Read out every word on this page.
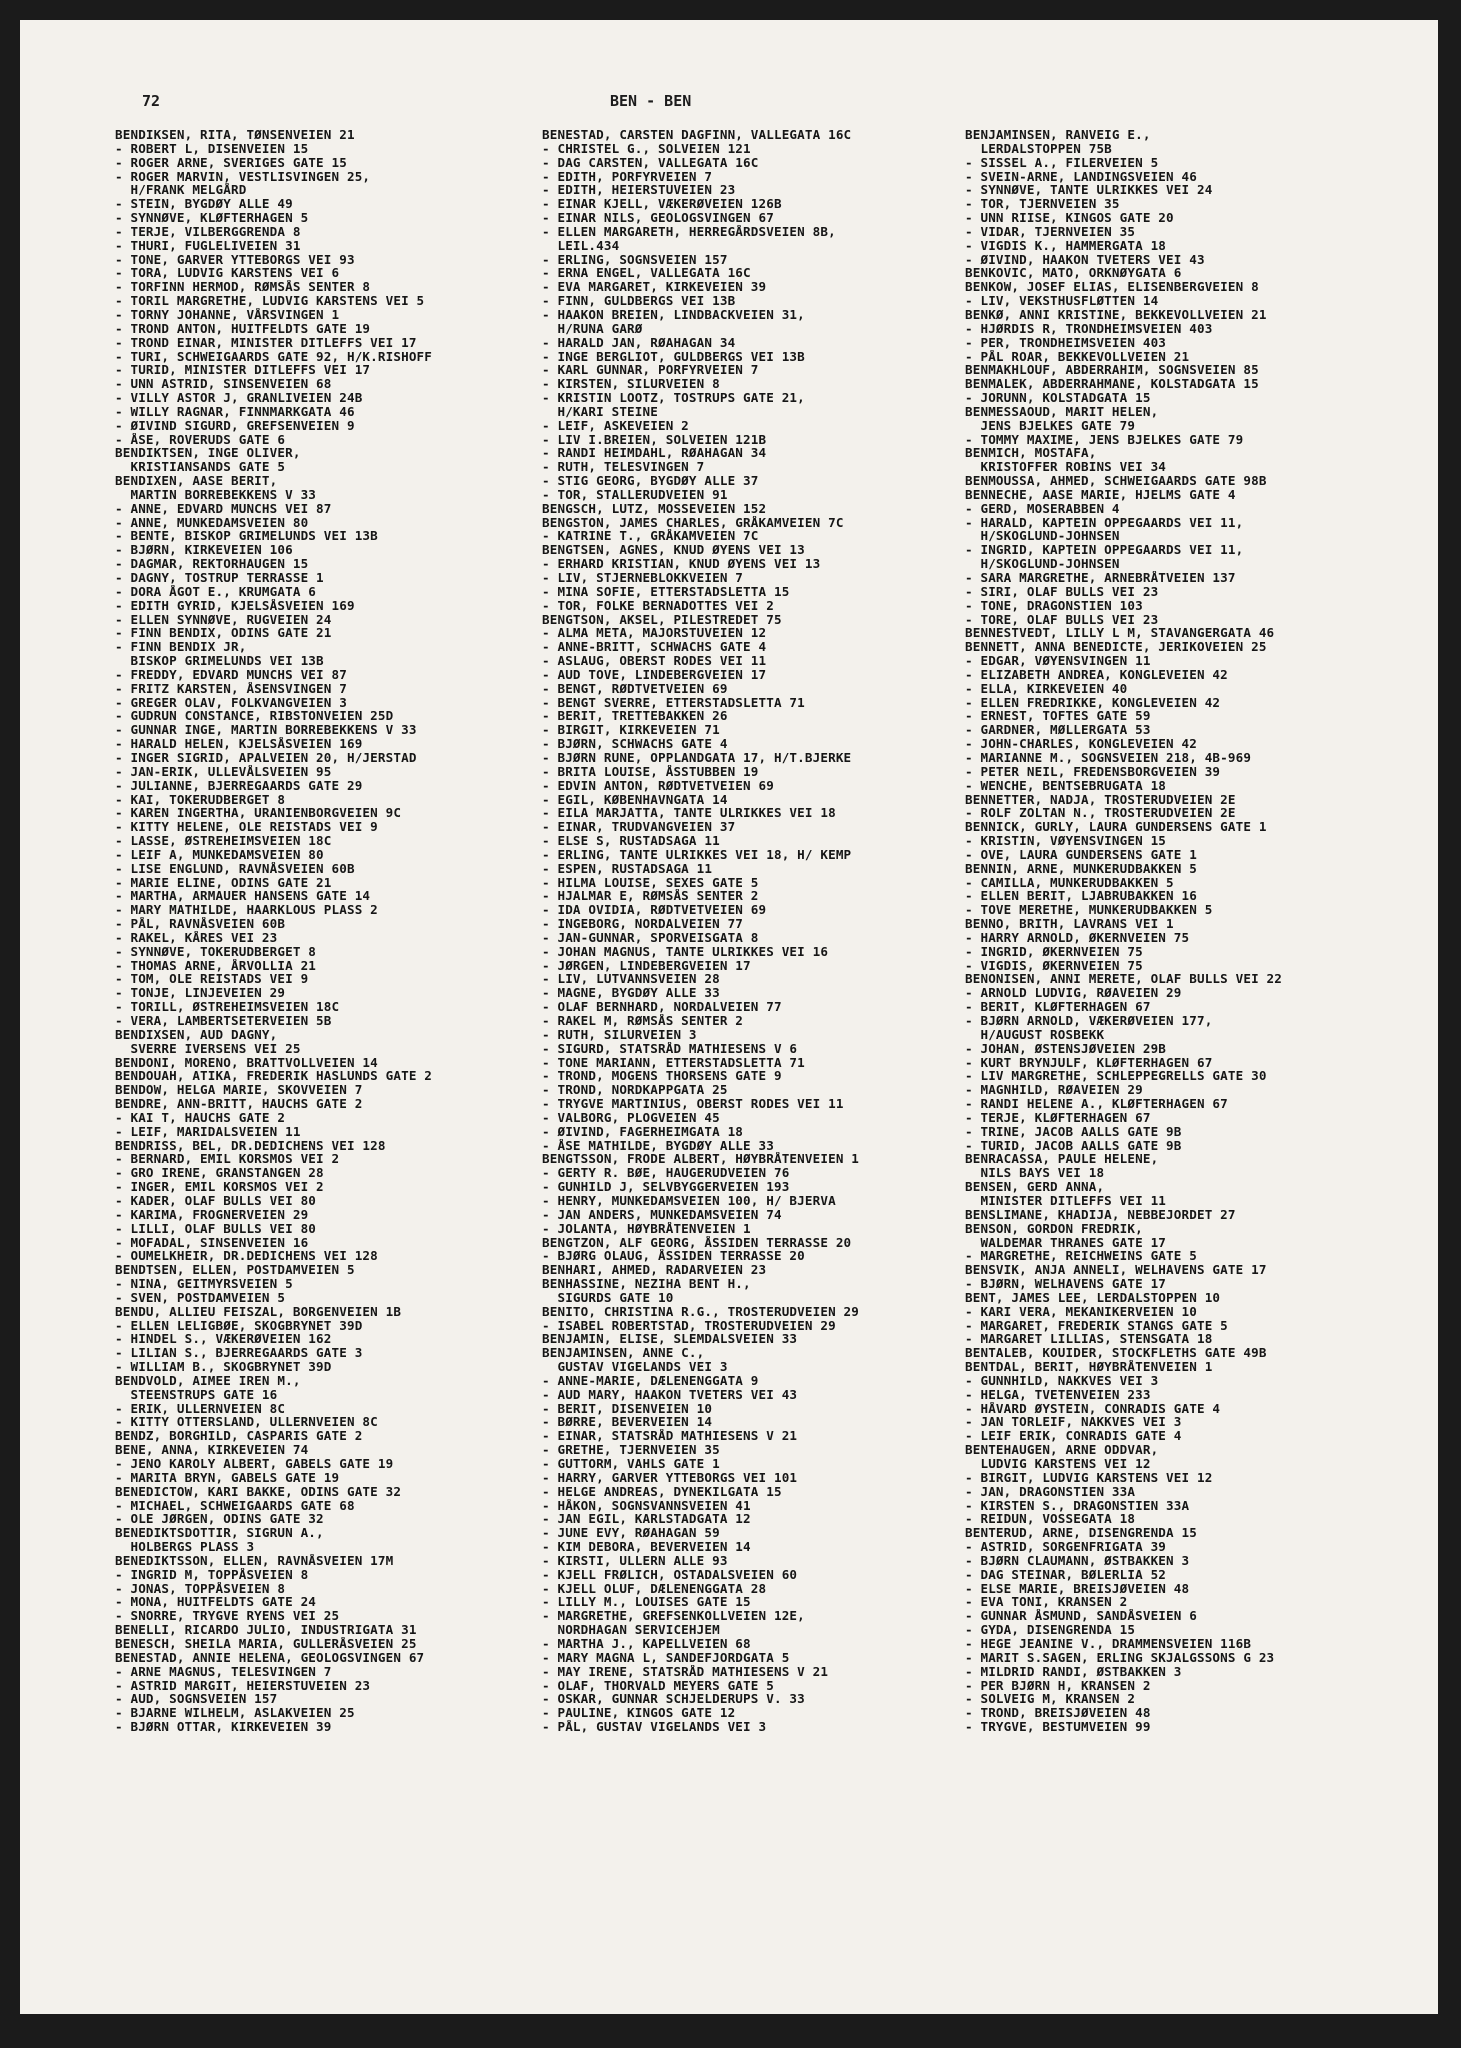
72	BEN - BEN
BENDIKSEN, RITA, TØNSENVEIEN 21
- ROBERT L, DISENVEIEN 15
- ROGER ARNE, SVERIGES GATE 15
- ROGER MARVIN, VESTLISVINGEN 25,
H/FRANK MELGÅRD
- STEIN, BYGDØY ALLE 49
- SYNNØVE, KLØFTERHAGEN 5
- TERJE, VILBERGGRENDA 8
- THURI, FUGLELIVEIEN 31
- TONE, GARVER YTTEBORGS VEI 93
- TORA, LUDVIG KARSTENS VEI 6
- TORFINN HERMOD, RØMSÅS SENTER 8
- TORIL MARGRETHE, LUDVIG KARSTENS VEI 5
- TORNY JOHANNE, VÅRSVINGEN 1
- TROND ANTON, HUITFELDTS GATE 19
- TROND EINAR, MINISTER DITLEFFS VEI 17
- TURI, SCHWEIGAARDS GATE 92, H/K.RISHOFF
- TURID, MINISTER DITLEFFS VEI 17
- UNN ASTRID, SINSENVEIEN 68
- VILLY ASTOR J, GRANLIVEIEN 24B
- WILLY RAGNAR, FINNMARKGATA 46
- ØIVIND SIGURD, GREFSENVEIEN 9
- ÅSE, ROVERUDS GATE 6
BENDIKTSEN, INGE OLIVER,
KRISTIANSANDS GATE 5
BENDIXEN, AASE BERIT,
MARTIN BORREBEKKENS V 33
- ANNE, EDVARD MUNCHS VEI 87
- ANNE, MUNKEDAMSVEIEN 80
- BENTE, BISKOP GRIMELUNDS VEI 13B
- BJØRN, KIRKEVEIEN 106
- DAGMAR, REKTORHAUGEN 15
- DAGNY, TOSTRUP TERRASSE 1
- DORA ÅGOT E., KRUMGATA 6
- EDITH GYRID, KJELSÅSVEIEN 169
- ELLEN SYNNØVE, RUGVEIEN 24
- FINN BENDIX, ODINS GATE 21
- FINN BENDIX JR,
BISKOP GRIMELUNDS VEI 13B
- FREDDY, EDVARD MUNCHS VEI 87
- FRITZ KARSTEN, ÅSENSVINGEN 7
- GREGER OLAV, FOLKVANGVEIEN 3
- GUDRUN CONSTANCE, RIBSTONVEIEN 25D
- GUNNAR INGE, MARTIN BORREBEKKENS V 33
- HARALD HELEN, KJELSÅSVEIEN 169
- INGER SIGRID, APALVEIEN 20, H/JERSTAD
- JAN-ERIK, ULLEVÅLSVEIEN 95
- JULIANNE, BJERREGAARDS GATE 29
- KAI, TOKERUDBERGET 8
- KAREN INGERTHA, URANIENBORGVEIEN 9C
- KITTY HELENE, OLE REISTADS VEI 9
- LASSE, ØSTREHEIMSVEIEN 18C
- LEIF A, MUNKEDAMSVEIEN 80
- LISE ENGLUND, RAVNÅSVEIEN 60B
- MARIE ELINE, ODINS GATE 21
- MARTHA, ARMAUER HANSENS GATE 14
- MARY MATHILDE, HAARKLOUS PLASS 2
- PÅL, RAVNÅSVEIEN 60B
- RAKEL, KÅRES VEI 23
- SYNNØVE, TOKERUDBERGET 8
- THOMAS ARNE, ÅRVOLLIA 21
- TOM, OLE REISTADS VEI 9
- TONJE, LINJEVEIEN 29
- TORILL, ØSTREHEIMSVEIEN 18C
- VERA, LAMBERTSETERVEIEN 5B
BENDIXSEN, AUD DAGNY,
SVERRE IVERSENS VEI 25
BENDONI, MORENO, BRATTVOLLVEIEN 14
BENDOUAH, ATIKA, FREDERIK HASLUNDS GATE 2
BENDOW, HELGA MARIE, SKOVVEIEN 7
BENDRE, ANN-BRITT, HAUCHS GATE 2
- KAI T, HAUCHS GATE 2
- LEIF, MARIDALSVEIEN 11
BENDRISS, BEL, DR.DEDICHENS VEI 128
- BERNARD, EMIL KORSMOS VEI 2
- GRO IRENE, GRANSTANGEN 28
- INGER, EMIL KORSMOS VEI 2
- KADER, OLAF BULLS VEI 80
- KARIMA, FROGNERVEIEN 29
- LILLI, OLAF BULLS VEI 80
- MOFADAL, SINSENVEIEN 16
- OUMELKHEIR, DR.DEDICHENS VEI 128
BENDTSEN, ELLEN, POSTDAMVEIEN 5
- NINA, GEITMYRSVEIEN 5
- SVEN, POSTDAMVEIEN 5
BENDU, ALLIEU FEISZAL, BORGENVEIEN 1B
- ELLEN LELIGBØE, SKOGBRYNET 39D
- HINDEL S., VÆKERØVEIEN 162
- LILIAN S., BJERREGAARDS GATE 3
- WILLIAM B., SKOGBRYNET 39D
BENDVOLD, AIMEE IREN M.,
STEENSTRUPS GATE 16
- ERIK, ULLERNVEIEN 8C
- KITTY OTTERSLAND, ULLERNVEIEN 8C
BENDZ, BORGHILD, CASPARIS GATE 2
BENE, ANNA, KIRKEVEIEN 74
- JENO KAROLY ALBERT, GABELS GATE 19
- MARITA BRYN, GABELS GATE 19
BENEDICTOW, KARI BAKKE, ODINS GATE 32
- MICHAEL, SCHWEIGAARDS GATE 68
- OLE JØRGEN, ODINS GATE 32
BENEDIKTSDOTTIR, SIGRUN A.,
HOLBERGS PLASS 3
BENEDIKTSSON, ELLEN, RAVNÅSVEIEN 17M
- INGRID M, TOPPÅSVEIEN 8
- JONAS, TOPPÅSVEIEN 8
- MONA, HUITFELDTS GATE 24
- SNORRE, TRYGVE RYENS VEI 25
BENELLI, RICARDO JULIO, INDUSTRIGATA 31
BENESCH, SHEILA MARIA, GULLERÅSVEIEN 25
BENESTAD, ANNIE HELENA, GEOLOGSVINGEN 67
- ARNE MAGNUS, TELESVINGEN 7
- ASTRID MARGIT, HEIERSTUVEIEN 23
- AUD, SOGNSVEIEN 157
- BJARNE WILHELM, ASLAKVEIEN 25
- BJØRN OTTAR, KIRKEVEIEN 39
BENESTAD, CARSTEN DAGFINN, VALLEGATA 16C
- CHRISTEL G., SOLVEIEN 121
- DAG CARSTEN, VALLEGATA 16C
- EDITH, PORFYRVEIEN 7
- EDITH, HEIERSTUVEIEN 23
- EINAR KJELL, VÆKERØVEIEN 126B
- EINAR NILS, GEOLOGSVINGEN 67
- ELLEN MARGARETH, HERREGÅRDSVEIEN 8B,
LEIL.434
- ERLING, SOGNSVEIEN 157
- ERNA ENGEL, VALLEGATA 16C
- EVA MARGARET, KIRKEVEIEN 39
- FINN, GULDBERGS VEI 13B
- HAAKON BREIEN, LINDBACKVEIEN 31,
H/RUNA GARØ
- HARALD JAN, RØAHAGAN 34
- INGE BERGLIOT, GULDBERGS VEI 13B
- KARL GUNNAR, PORFYRVEIEN 7
- KIRSTEN, SILURVEIEN 8
- KRISTIN LOOTZ, TOSTRUPS GATE 21,
H/KARI STEINE
- LEIF, ASKEVEIEN 2
- LIV I.BREIEN, SOLVEIEN 121B
- RANDI HEIMDAHL, RØAHAGAN 34
- RUTH, TELESVINGEN 7
- STIG GEORG, BYGDØY ALLE 37
- TOR, STALLERUDVEIEN 91
BENGSCH, LUTZ, MOSSEVEIEN 152
BENGSTON, JAMES CHARLES, GRÅKAMVEIEN 7C
- KATRINE T., GRÅKAMVEIEN 7C
BENGTSEN, AGNES, KNUD ØYENS VEI 13
- ERHARD KRISTIAN, KNUD ØYENS VEI 13
- LIV, STJERNEBLOKKVEIEN 7
- MINA SOFIE, ETTERSTADSLETTA 15
- TOR, FOLKE BERNADOTTES VEI 2
BENGTSON, AKSEL, PILESTREDET 75
- ALMA META, MAJORSTUVEIEN 12
- ANNE-BRITT, SCHWACHS GATE 4
- ASLAUG, OBERST RODES VEI 11
- AUD TOVE, LINDEBERGVEIEN 17
- BENGT, RØDTVETVEIEN 69
- BENGT SVERRE, ETTERSTADSLETTA 71
- BERIT, TRETTEBAKKEN 26
- BIRGIT, KIRKEVEIEN 71
- BJØRN, SCHWACHS GATE 4
- BJØRN RUNE, OPPLANDGATA 17, H/T.BJERKE
- BRITA LOUISE, ÅSSTUBBEN 19
- EDVIN ANTON, RØDTVETVEIEN 69
- EGIL, KØBENHAVNGATA 14
- EILA MARJATTA, TANTE ULRIKKES VEI 18
- EINAR, TRUDVANGVEIEN 37
- ELSE S, RUSTADSAGA 11
- ERLING, TANTE ULRIKKES VEI 18, H/ KEMP
- ESPEN, RUSTADSAGA 11
- HILMA LOUISE, SEXES GATE 5
- HJALMAR E, RØMSÅS SENTER 2
- IDA OVIDIA, RØDTVETVEIEN 69
- INGEBORG, NORDALVEIEN 77
- JAN-GUNNAR, SPORVEISGATA 8
- JOHAN MAGNUS, TANTE ULRIKKES VEI 16
- JØRGEN, LINDEBERGVEIEN 17
- LIV, LUTVANNSVEIEN 28
- MAGNE, BYGDØY ALLE 33
- OLAF BERNHARD, NORDALVEIEN 77
- RAKEL M, RØMSÅS SENTER 2
- RUTH, SILURVEIEN 3
- SIGURD, STATSRÅD MATHIESENS V 6
- TONE MARIANN, ETTERSTADSLETTA 71
- TROND, MOGENS THORSENS GATE 9
- TROND, NORDKAPPGATA 25
- TRYGVE MARTINIUS, OBERST RODES VEI 11
- VALBORG, PLOGVEIEN 45
- ØIVIND, FAGERHEIMGATA 18
- ÅSE MATHILDE, BYGDØY ALLE 33
BENGTSSON, FRODE ALBERT, HØYBRÅTENVEIEN 1
- GERTY R. BØE, HAUGERUDVEIEN 76
- GUNHILD J, SELVBYGGERVEIEN 193
- HENRY, MUNKEDAMSVEIEN 100, H/ BJERVA
- JAN ANDERS, MUNKEDAMSVEIEN 74
- JOLANTA, HØYBRÅTENVEIEN 1
BENGTZON, ALF GEORG, ÅSSIDEN TERRASSE 20
- BJØRG OLAUG, ÅSSIDEN TERRASSE 20
BENHARI, AHMED, RADARVEIEN 23
BENHASSINE, NEZIHA BENT H.,
SIGURDS GATE 10
BENITO, CHRISTINA R.G., TROSTERUDVEIEN 29
- ISABEL ROBERTSTAD, TROSTERUDVEIEN 29
BENJAMIN, ELISE, SLEMDALSVEIEN 33
BENJAMINSEN, ANNE C.,
GUSTAV VIGELANDS VEI 3
- ANNE-MARIE, DÆLENENGGATA 9
- AUD MARY, HAAKON TVETERS VEI 43
- BERIT, DISENVEIEN 10
- BØRRE, BEVERVEIEN 14
- EINAR, STATSRÅD MATHIESENS V 21
- GRETHE, TJERNVEIEN 35
- GUTTORM, VAHLS GATE 1
- HARRY, GARVER YTTEBORGS VEI 101
- HELGE ANDREAS, DYNEKILGATA 15
- HÅKON, SOGNSVANNSVEIEN 41
- JAN EGIL, KARLSTADGATA 12
- JUNE EVY, RØAHAGAN 59
- KIM DEBORA, BEVERVEIEN 14
- KIRSTI, ULLERN ALLE 93
- KJELL FRØLICH, OSTADALSVEIEN 60
- KJELL OLUF, DÆLENENGGATA 28
- LILLY M., LOUISES GATE 15
- MARGRETHE, GREFSENKOLLVEIEN 12E,
NORDHAGAN SERVICEHJEM
- MARTHA J., KAPELLVEIEN 68
- MARY MAGNA L, SANDEFJORDGATA 5
- MAY IRENE, STATSRÅD MATHIESENS V 21
- OLAF, THORVALD MEYERS GATE 5
- OSKAR, GUNNAR SCHJELDERUPS V. 33
- PAULINE, KINGOS GATE 12
- PÅL, GUSTAV VIGELANDS VEI 3
BENJAMINSEN, RANVEIG E.,
LERDALSTOPPEN 75B
- SISSEL A., FILERVEIEN 5
- SVEIN-ARNE, LANDINGSVEIEN 46
- SYNNØVE, TANTE ULRIKKES VEI 24
- TOR, TJERNVEIEN 35
- UNN RIISE, KINGOS GATE 20
- VIDAR, TJERNVEIEN 35
- VIGDIS K., HAMMERGATA 18
- ØIVIND, HAAKON TVETERS VEI 43
BENKOVIC, MATO, ORKNØYGATA 6
BENKOW, JOSEF ELIAS, ELISENBERGVEIEN 8
- LIV, VEKSTHUSFLØTTEN 14
BENKØ, ANNI KRISTINE, BEKKEVOLLVEIEN 21
- HJØRDIS R, TRONDHEIMSVEIEN 403
- PER, TRONDHEIMSVEIEN 403
- PÅL ROAR, BEKKEVOLLVEIEN 21
BENMAKHLOUF, ABDERRAHIM, SOGNSVEIEN 85
BENMALEK, ABDERRAHMANE, KOLSTADGATA 15
- JORUNN, KOLSTADGATA 15
BENMESSAOUD, MARIT HELEN,
JENS BJELKES GATE 79
- TOMMY MAXIME, JENS BJELKES GATE 79
BENMICH, MOSTAFA,
KRISTOFFER ROBINS VEI 34
BENMOUSSA, AHMED, SCHWEIGAARDS GATE 98B
BENNECHE, AASE MARIE, HJELMS GATE 4
- GERD, MOSERABBEN 4
- HARALD, KAPTEIN OPPEGAARDS VEI 11,
H/SKOGLUND-JOHNSEN
- INGRID, KAPTEIN OPPEGAARDS VEI 11,
H/SKOGLUND-JOHNSEN
- SARA MARGRETHE, ARNEBRÅTVEIEN 137
- SIRI, OLAF BULLS VEI 23
- TONE, DRAGONSTIEN 103
- TORE, OLAF BULLS VEI 23
BENNESTVEDT, LILLY L M, STAVANGERGATA 46
BENNETT, ANNA BENEDICTE, JERIKOVEIEN 25
- EDGAR, VØYENSVINGEN 11
- ELIZABETH ANDREA, KONGLEVEIEN 42
- ELLA, KIRKEVEIEN 40
- ELLEN FREDRIKKE, KONGLEVEIEN 42
- ERNEST, TOFTES GATE 59
- GARDNER, MØLLERGATA 53
- JOHN-CHARLES, KONGLEVEIEN 42
- MARIANNE M., SOGNSVEIEN 218, 4B-969
- PETER NEIL, FREDENSBORGVEIEN 39
- WENCHE, BENTSEBRUGATA 18
BENNETTER, NADJA, TROSTERUDVEIEN 2E
- ROLF ZOLTAN N., TROSTERUDVEIEN 2E
BENNICK, GURLY, LAURA GUNDERSENS GATE 1
- KRISTIN, VØYENSVINGEN 15
- OVE, LAURA GUNDERSENS GATE 1
BENNIN, ARNE, MUNKERUDBAKKEN 5
- CAMILLA, MUNKERUDBAKKEN 5
- ELLEN BERIT, LJABRUBAKKEN 16
- TOVE MERETHE, MUNKERUDBAKKEN 5
BENNO, BRITH, LAVRANS VEI 1
- HARRY ARNOLD, ØKERNVEIEN 75
- INGRID, ØKERNVEIEN 75
- VIGDIS, ØKERNVEIEN 75
BENONISEN, ANNI MERETE, OLAF BULLS VEI 22
- ARNOLD LUDVIG, RØAVEIEN 29
- BERIT, KLØFTERHAGEN 67
- BJØRN ARNOLD, VÆKERØVEIEN 177,
H/AUGUST ROSBEKK
- JOHAN, ØSTENSJØVEIEN 29B
- KURT BRYNJULF, KLØFTERHAGEN 67
- LIV MARGRETHE, SCHLEPPEGRELLS GATE 30
- MAGNHILD, RØAVEIEN 29
- RANDI HELENE A., KLØFTERHAGEN 67
- TERJE, KLØFTERHAGEN 67
- TRINE, JACOB AALLS GATE 9B
- TURID, JACOB AALLS GATE 9B
BENRACASSA, PAULE HELENE,
NILS BAYS VEI 18
BENSEN, GERD ANNA,
MINISTER DITLEFFS VEI 11
BENSLIMANE, KHADIJA, NEBBEJORDET 27
BENSON, GORDON FREDRIK,
WALDEMAR THRANES GATE 17
- MARGRETHE, REICHWEINS GATE 5
BENSVIK, ANJA ANNELI, WELHAVENS GATE 17
- BJØRN, WELHAVENS GATE 17
BENT, JAMES LEE, LERDALSTOPPEN 10
- KARI VERA, MEKANIKERVEIEN 10
- MARGARET, FREDERIK STANGS GATE 5
- MARGARET LILLIAS, STENSGATA 18
BENTALEB, KOUIDER, STOCKFLETHS GATE 49B
BENTDAL, BERIT, HØYBRÅTENVEIEN 1
- GUNNHILD, NAKKVES VEI 3
- HELGA, TVETENVEIEN 233
- HÅVARD ØYSTEIN, CONRADIS GATE 4
- JAN TORLEIF, NAKKVES VEI 3
- LEIF ERIK, CONRADIS GATE 4
BENTEHAUGEN, ARNE ODDVAR,
LUDVIG KARSTENS VEI 12
- BIRGIT, LUDVIG KARSTENS VEI 12
- JAN, DRAGONSTIEN 33A
- KIRSTEN S., DRAGONSTIEN 33A
- REIDUN, VOSSEGATA 18
BENTERUD, ARNE, DISENGRENDA 15
- ASTRID, SORGENFRIGATA 39
- BJØRN CLAUMANN, ØSTBAKKEN 3
- DAG STEINAR, BØLERLIA 52
- ELSE MARIE, BREISJØVEIEN 48
- EVA TONI, KRANSEN 2
- GUNNAR ÅSMUND, SANDÅSVEIEN 6
- GYDA, DISENGRENDA 15
- HEGE JEANINE V., DRAMMENSVEIEN 116B
- MARIT S.SAGEN, ERLING SKJALGSSONS G 23
- MILDRID RANDI, ØSTBAKKEN 3
- PER BJØRN H, KRANSEN 2
- SOLVEIG M, KRANSEN 2
- TROND, BREISJØVEIEN 48
- TRYGVE, BESTUMVEIEN 99
